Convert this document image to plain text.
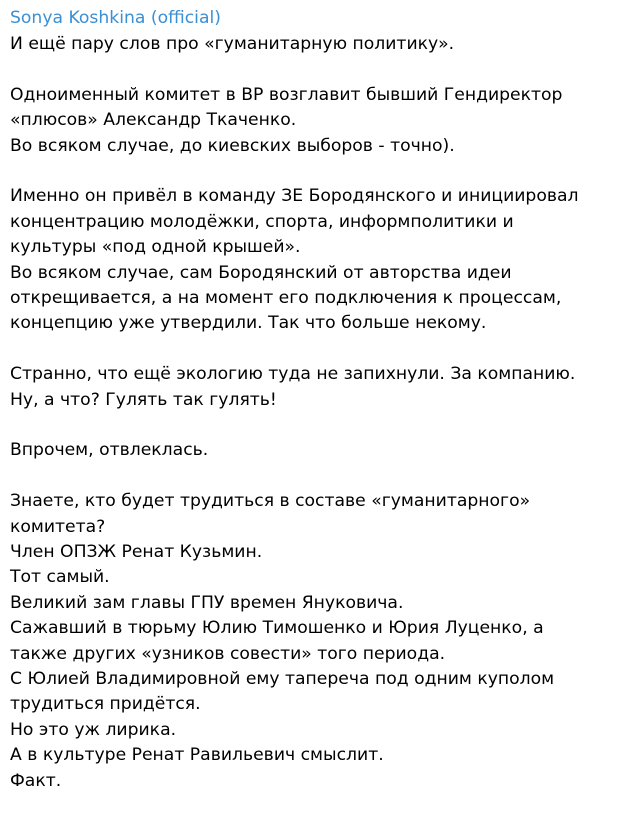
Sonya Koshkina (official)
И ещё пару слов про «гуманитарную политику».
Одноименный комитет в ВР возглавит бывший Гендиректор
«плюсов» Александр Ткаченко.
Во всяком случае, до киевских выборов - точно).
Именно он привёл в команду ЗЕ Бородянского и инициировал
концентрацию молодёжки, спорта, информполитики и
культуры «под одной крышей».
Во всяком случае, сам Бородянский от авторства идеи
открещивается, а на момент его подключения к процессам,
концепцию уже утвердили. Так что больше некому.
Странно, что ещё экологию туда не запихнули. За компанию.
Ну, а что? Гулять так гулять!
Впрочем, отвлеклась.
Знаете, кто будет трудиться в составе «гуманитарного»
комитета?
Член ОПЗЖ Ренат Кузьмин.
Тот самый.
Великий зам главы ГПУ времен Януковича.
Сажавший в тюрьму Юлию Тимошенко и Юрия Луценко, а
также других «узников совести» того периода.
С Юлией Владимировной ему тапереча под одним куполом
трудиться придётся.
Но это уж лирика.
А в культуре Ренат Равильевич смыслит.
Факт.
